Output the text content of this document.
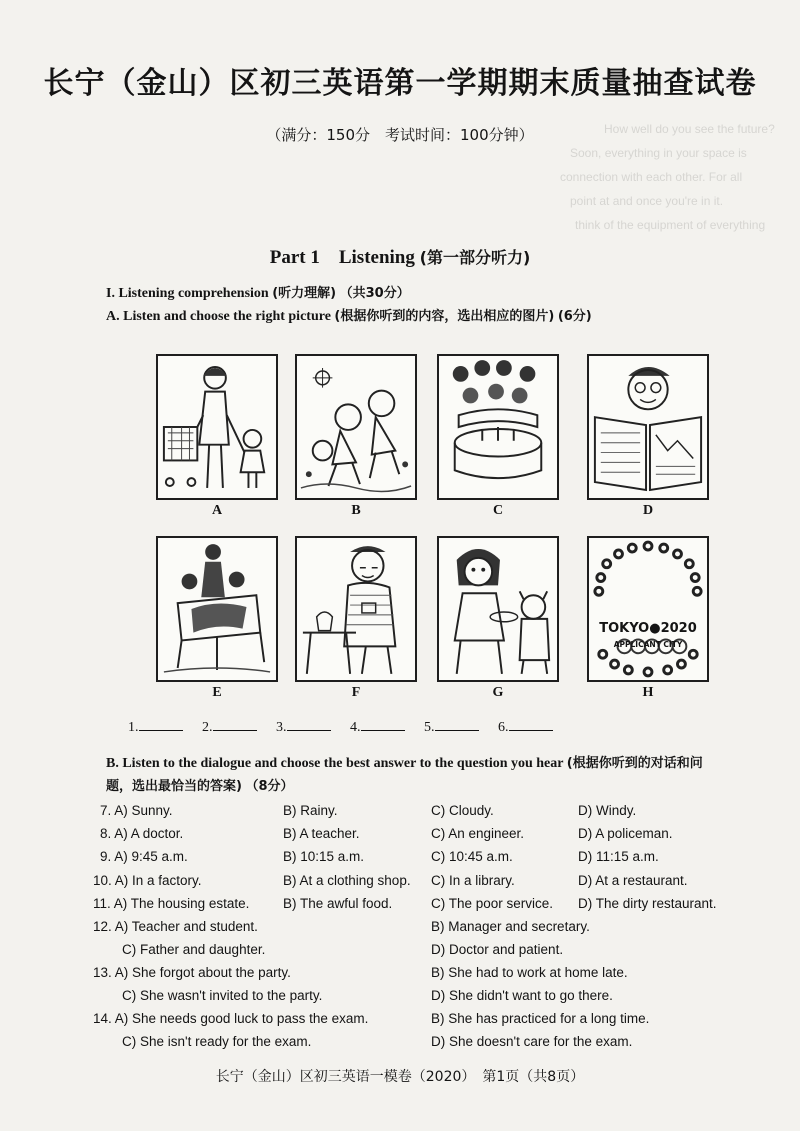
How well do you see the future?
Soon, everything in your space is
connection with each other. For all
point at and once you're in it.
think of the equipment of everything
长宁（金山）区初三英语第一学期期末质量抽查试卷
（满分：150分　考试时间：100分钟）
Part 1　Listening (第一部分听力)
I. Listening comprehension (听力理解) （共30分）
A. Listen and choose the right picture (根据你听到的内容，选出相应的图片) (6分)
A	B	C	D
TOKYO●2020
APPLICANT CITY
E	F	G	H
1.	2.	3.	4.	5.	6.
B. Listen to the dialogue and choose the best answer to the question you hear (根据你听到的对话和问
题，选出最恰当的答案) （8分）
7. A) Sunny.	B) Rainy.	C) Cloudy.	D) Windy.
8. A) A doctor.	B) A teacher.	C) An engineer.	D) A policeman.
9. A) 9:45 a.m.	B) 10:15 a.m.	C) 10:45 a.m.	D) 11:15 a.m.
10. A) In a factory.	B) At a clothing shop. C) In a library.	D) At a restaurant.
11. A) The housing estate. B) The awful food.	C) The poor service. D) The dirty restaurant.
12. A) Teacher and student.	B) Manager and secretary.
C) Father and daughter.	D) Doctor and patient.
13. A) She forgot about the party.	B) She had to work at home late.
C) She wasn't invited to the party.	D) She didn't want to go there.
14. A) She needs good luck to pass the exam.	B) She has practiced for a long time.
C) She isn't ready for the exam.	D) She doesn't care for the exam.
长宁（金山）区初三英语一模卷（2020）　第1页（共8页）
